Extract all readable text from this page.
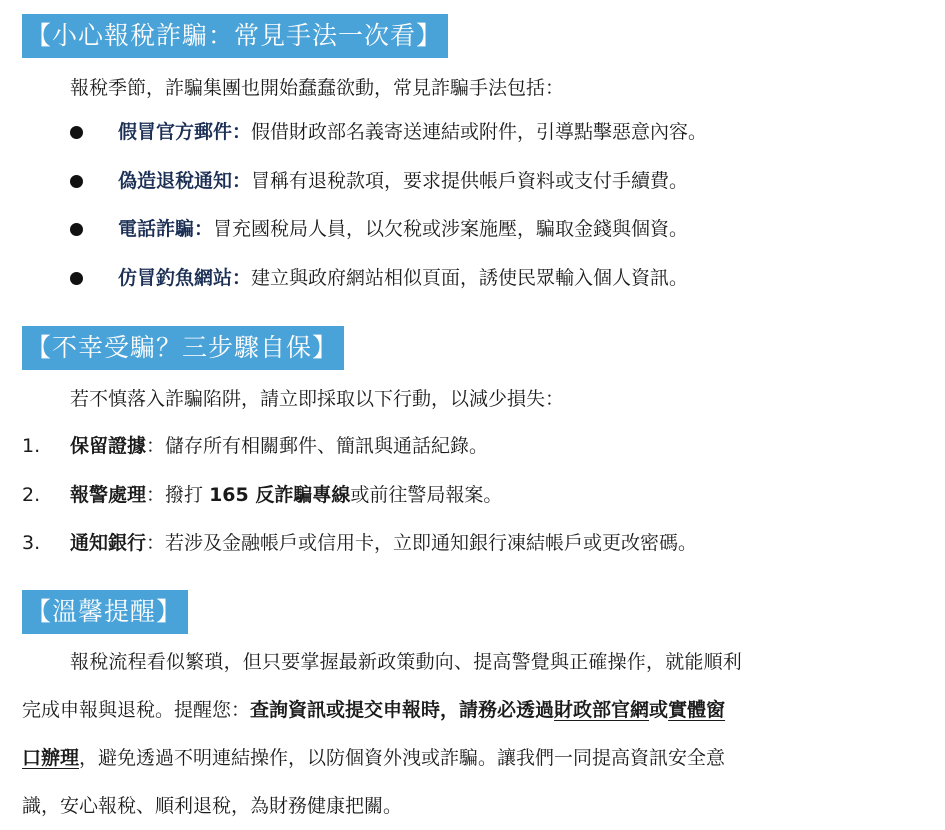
【小心報稅詐騙：常見手法一次看】
報稅季節，詐騙集團也開始蠢蠢欲動，常見詐騙手法包括：
假冒官方郵件：假借財政部名義寄送連結或附件，引導點擊惡意內容。
偽造退稅通知：冒稱有退稅款項，要求提供帳戶資料或支付手續費。
電話詐騙：冒充國稅局人員，以欠稅或涉案施壓，騙取金錢與個資。
仿冒釣魚網站：建立與政府網站相似頁面，誘使民眾輸入個人資訊。
【不幸受騙？三步驟自保】
若不慎落入詐騙陷阱，請立即採取以下行動，以減少損失：
1. 保留證據：儲存所有相關郵件、簡訊與通話紀錄。
2. 報警處理：撥打 165 反詐騙專線或前往警局報案。
3. 通知銀行：若涉及金融帳戶或信用卡，立即通知銀行凍結帳戶或更改密碼。
【溫馨提醒】
報稅流程看似繁瑣，但只要掌握最新政策動向、提高警覺與正確操作，就能順利
完成申報與退稅。提醒您：查詢資訊或提交申報時，請務必透過財政部官網或實體窗
口辦理，避免透過不明連結操作，以防個資外洩或詐騙。讓我們一同提高資訊安全意
識，安心報稅、順利退稅，為財務健康把關。
